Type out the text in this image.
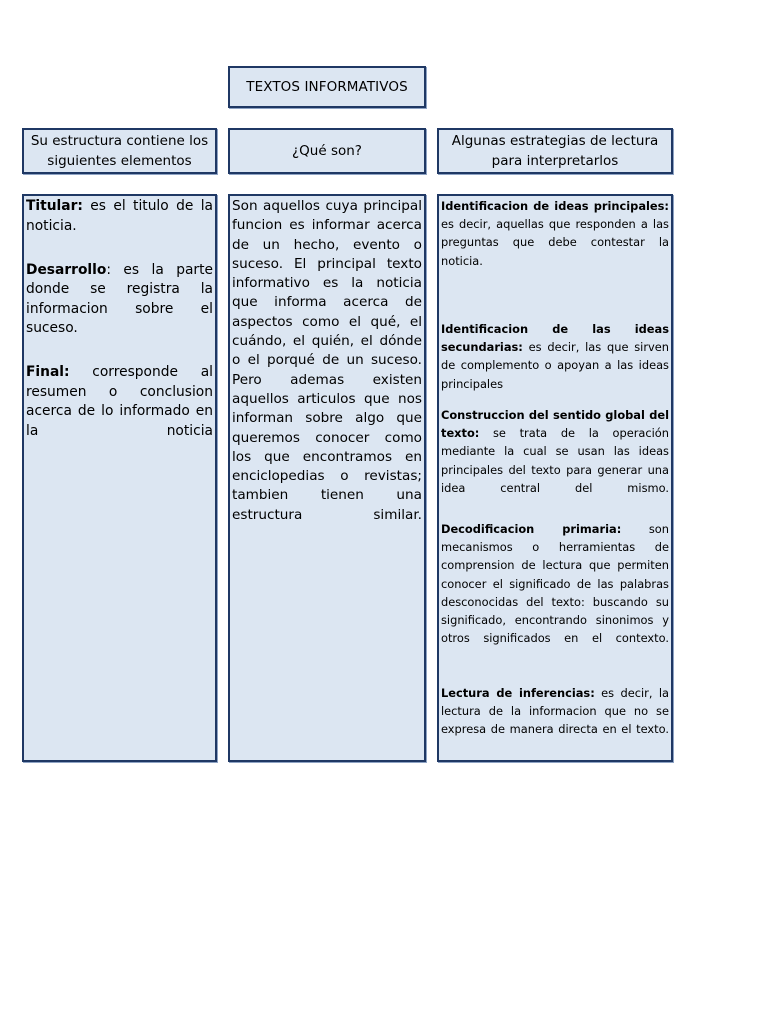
TEXTOS INFORMATIVOS
Su estructura contiene los siguientes elementos
¿Qué son?
Algunas estrategias de lectura para interpretarlos

Titular: es el titulo de la noticia.

Desarrollo: es la parte donde se registra la informacion sobre el suceso.

Final: corresponde al resumen o conclusion acerca de lo informado en la noticia

Son aquellos cuya principal funcion es informar acerca de un hecho, evento o suceso. El principal texto informativo es la noticia que informa acerca de aspectos como el qué, el cuándo, el quién, el dónde o el porqué de un suceso. Pero ademas existen aquellos articulos que nos informan sobre algo que queremos conocer como los que encontramos en enciclopedias o revistas; tambien tienen una estructura similar.

Identificacion de ideas principales: es decir, aquellas que responden a las preguntas que debe contestar la noticia.

Identificacion de las ideas secundarias: es decir, las que sirven de complemento o apoyan a las ideas principales

Construccion del sentido global del texto: se trata de la operación mediante la cual se usan las ideas principales del texto para generar una idea central del mismo.

Decodificacion primaria: son mecanismos o herramientas de comprension de lectura que permiten conocer el significado de las palabras desconocidas del texto: buscando su significado, encontrando sinonimos y otros significados en el contexto.

Lectura de inferencias: es decir, la lectura de la informacion que no se expresa de manera directa en el texto.
